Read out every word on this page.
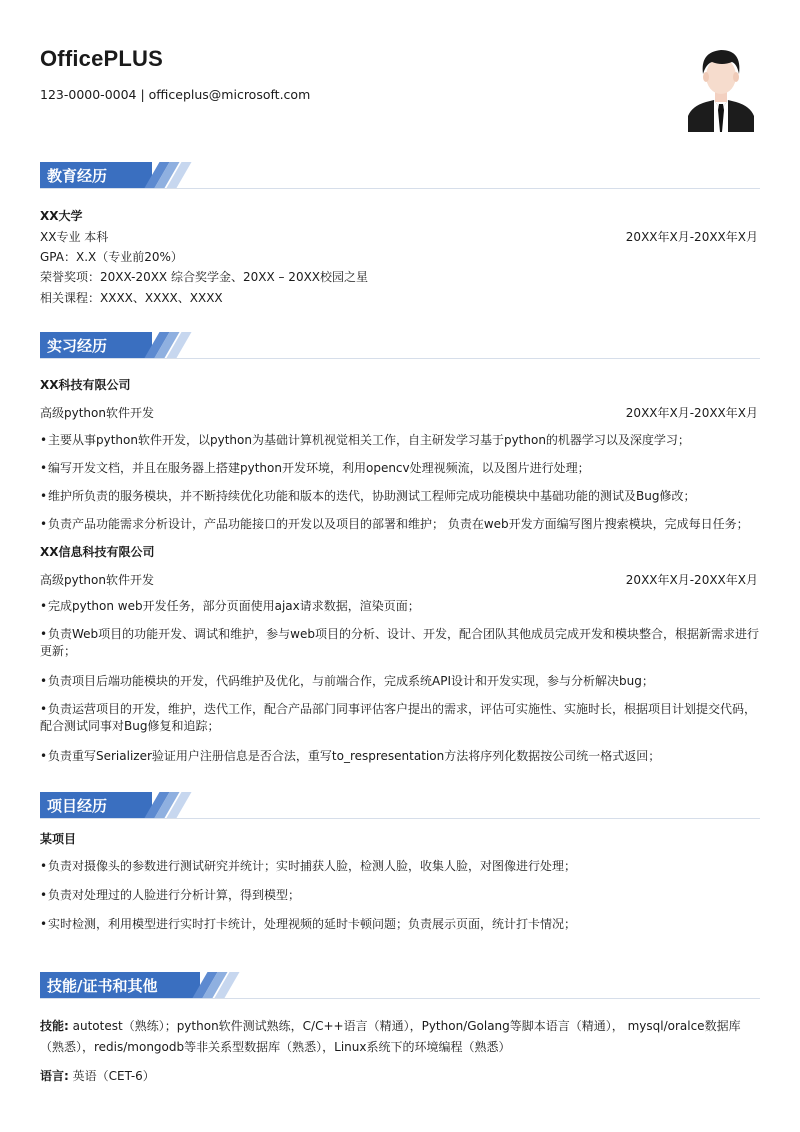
OfficePLUS
123-0000-0004 | officeplus@microsoft.com
教育经历
XX大学
XX专业 本科	20XX年X月-20XX年X月
GPA：X.X（专业前20%）
荣誉奖项：20XX-20XX 综合奖学金、20XX – 20XX校园之星
相关课程：XXXX、XXXX、XXXX
实习经历
XX科技有限公司
高级python软件开发	20XX年X月-20XX年X月
•主要从事python软件开发，以python为基础计算机视觉相关工作，自主研发学习基于python的机器学习以及深度学习；
•编写开发文档，并且在服务器上搭建python开发环境，利用opencv处理视频流，以及图片进行处理；
•维护所负责的服务模块，并不断持续优化功能和版本的迭代，协助测试工程师完成功能模块中基础功能的测试及Bug修改；
•负责产品功能需求分析设计，产品功能接口的开发以及项目的部署和维护； 负责在web开发方面编写图片搜索模块，完成每日任务；
XX信息科技有限公司
高级python软件开发	20XX年X月-20XX年X月
•完成python web开发任务，部分页面使用ajax请求数据，渲染页面；
•负责Web项目的功能开发、调试和维护，参与web项目的分析、设计、开发，配合团队其他成员完成开发和模块整合，根据新需求进行更新；
•负责项目后端功能模块的开发，代码维护及优化，与前端合作，完成系统API设计和开发实现，参与分析解决bug；
•负责运营项目的开发，维护，迭代工作，配合产品部门同事评估客户提出的需求，评估可实施性、实施时长，根据项目计划提交代码，配合测试同事对Bug修复和追踪；
•负责重写Serializer验证用户注册信息是否合法，重写to_respresentation方法将序列化数据按公司统一格式返回；
项目经历
某项目
•负责对摄像头的参数进行测试研究并统计；实时捕获人脸，检测人脸，收集人脸，对图像进行处理；
•负责对处理过的人脸进行分析计算，得到模型；
•实时检测，利用模型进行实时打卡统计，处理视频的延时卡顿问题；负责展示页面，统计打卡情况；
技能/证书和其他
技能: autotest（熟练）；python软件测试熟练，C/C++语言（精通），Python/Golang等脚本语言（精通）， mysql/oralce数据库（熟悉），redis/mongodb等非关系型数据库（熟悉），Linux系统下的环境编程（熟悉）
语言: 英语（CET-6）
